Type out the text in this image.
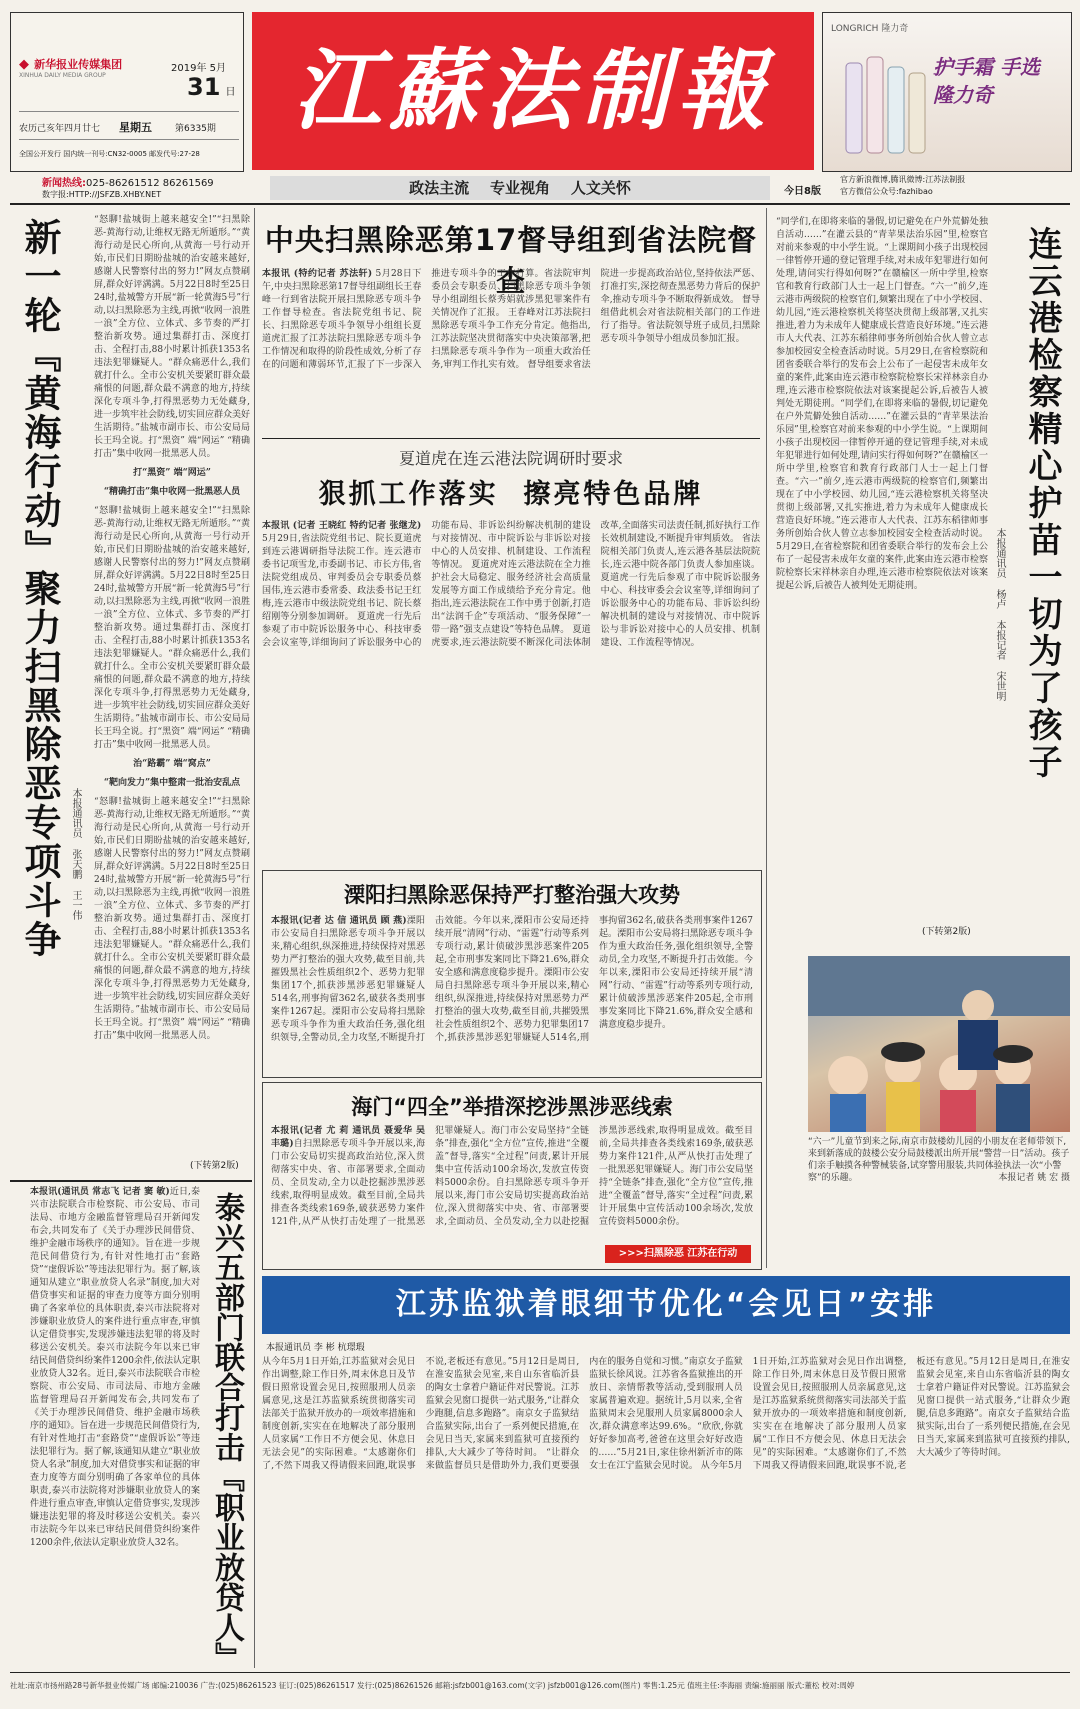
◆ 新华报业传媒集团
XINHUA DAILY MEDIA GROUP
2019年 5月
31 日
农历己亥年四月廿七 星期五	第6335期
全国公开发行 国内统一刊号:CN32-0005 邮发代号:27-28
江蘇法制報
LONGRICH 隆力奇
护手霜 手选 隆力奇
新闻热线:025-86261512 86261569
数字报:HTTP://JSFZB.XHBY.NET	政法主流    专业视角    人文关怀	今日8版
官方新浪微博,腾讯微博:江苏法制报
官方微信公众号:fazhibao
新一轮『黄海行动』聚力扫黑除恶专项斗争 本报通讯员 张天鹏 王一伟
“怒聊!盐城街上越来越安全!”“扫黑除恶-黄海行动,让维权无路无所遁形。”“黄海行动是民心所向,从黄海一号行动开始,市民们日期盼盐城的治安越来越好,感谢人民警察付出的努力!”网友点赞刷屏,群众好评满满。5月22日8时至25日24时,盐城警方开展“新一轮黄海5号”行动,以扫黑除恶为主线,再掀“收网一浪胜一浪”全方位、立体式、多节奏的严打整治新攻势。通过集群打击、深度打击、全程打击,88小时累计抓获1353名违法犯罪嫌疑人。“群众痛恶什么,我们就打什么。全市公安机关要紧盯群众最痛恨的问题,群众最不满意的地方,持续深化专项斗争,打得黑恶势力无处藏身,进一步筑牢社会防线,切实回应群众美好生活期待。”盐城市副市长、市公安局局长王玛全说。打“黑资” 端“网运” “精确打击”集中收网一批黑恶人员。
打“黑资” 端“网运”
“精确打击”集中收网一批黑恶人员
“怒聊!盐城街上越来越安全!”“扫黑除恶-黄海行动,让维权无路无所遁形。”“黄海行动是民心所向,从黄海一号行动开始,市民们日期盼盐城的治安越来越好,感谢人民警察付出的努力!”网友点赞刷屏,群众好评满满。5月22日8时至25日24时,盐城警方开展“新一轮黄海5号”行动,以扫黑除恶为主线,再掀“收网一浪胜一浪”全方位、立体式、多节奏的严打整治新攻势。通过集群打击、深度打击、全程打击,88小时累计抓获1353名违法犯罪嫌疑人。“群众痛恶什么,我们就打什么。全市公安机关要紧盯群众最痛恨的问题,群众最不满意的地方,持续深化专项斗争,打得黑恶势力无处藏身,进一步筑牢社会防线,切实回应群众美好生活期待。”盐城市副市长、市公安局局长王玛全说。打“黑资” 端“网运” “精确打击”集中收网一批黑恶人员。
治“路霸” 端“窝点”
“靶向发力”集中整肃一批治安乱点
“怒聊!盐城街上越来越安全!”“扫黑除恶-黄海行动,让维权无路无所遁形。”“黄海行动是民心所向,从黄海一号行动开始,市民们日期盼盐城的治安越来越好,感谢人民警察付出的努力!”网友点赞刷屏,群众好评满满。5月22日8时至25日24时,盐城警方开展“新一轮黄海5号”行动,以扫黑除恶为主线,再掀“收网一浪胜一浪”全方位、立体式、多节奏的严打整治新攻势。通过集群打击、深度打击、全程打击,88小时累计抓获1353名违法犯罪嫌疑人。“群众痛恶什么,我们就打什么。全市公安机关要紧盯群众最痛恨的问题,群众最不满意的地方,持续深化专项斗争,打得黑恶势力无处藏身,进一步筑牢社会防线,切实回应群众美好生活期待。”盐城市副市长、市公安局局长王玛全说。打“黑资” 端“网运” “精确打击”集中收网一批黑恶人员。
(下转第2版)
本报讯(通讯员 常志飞 记者 窦 敏)近日,泰兴市法院联合市检察院、市公安局、市司法局、市地方金融监督管理局召开新闻发布会,共同发布了《关于办理涉民间借贷、维护金融市场秩序的通知》。旨在进一步规范民间借贷行为,有针对性地打击“套路贷”“虚假诉讼”等违法犯罪行为。据了解,该通知从建立“职业放贷人名录”制度,加大对借贷事实和证据的审查力度等方面分别明确了各家单位的具体职责,泰兴市法院将对涉嫌职业放贷人的案件进行重点审查,审慎认定借贷事实,发现涉嫌违法犯罪的将及时移送公安机关。泰兴市法院今年以来已审结民间借贷纠纷案件1200余件,依法认定职业放贷人32名。近日,泰兴市法院联合市检察院、市公安局、市司法局、市地方金融监督管理局召开新闻发布会,共同发布了《关于办理涉民间借贷、维护金融市场秩序的通知》。旨在进一步规范民间借贷行为,有针对性地打击“套路贷”“虚假诉讼”等违法犯罪行为。据了解,该通知从建立“职业放贷人名录”制度,加大对借贷事实和证据的审查力度等方面分别明确了各家单位的具体职责,泰兴市法院将对涉嫌职业放贷人的案件进行重点审查,审慎认定借贷事实,发现涉嫌违法犯罪的将及时移送公安机关。泰兴市法院今年以来已审结民间借贷纠纷案件1200余件,依法认定职业放贷人32名。 泰兴五部门联合打击『职业放贷人』
中央扫黑除恶第17督导组到省法院督查
本报讯 (特约记者 苏法轩) 5月28日下午,中央扫黑除恶第17督导组副组长王春峰一行到省法院开展扫黑除恶专项斗争工作督导检查。省法院党组书记、院长、扫黑除恶专项斗争领导小组组长夏道虎汇报了江苏法院扫黑除恶专项斗争工作情况和取得的阶段性成效,分析了存在的问题和薄弱环节,汇报了下一步深入推进专项斗争的工作打算。省法院审判委员会专职委员、扫黑除恶专项斗争领导小组副组长蔡秀娟就涉黑犯罪案件有关情况作了汇报。 王春峰对江苏法院扫黑除恶专项斗争工作充分肯定。他指出,江苏法院坚决贯彻落实中央决策部署,把扫黑除恶专项斗争作为一项重大政治任务,审判工作扎实有效。 督导组要求省法院进一步提高政治站位,坚持依法严惩、打准打实,深挖彻查黑恶势力背后的保护伞,推动专项斗争不断取得新成效。 督导组借此机会对省法院相关部门的工作进行了指导。省法院领导班子成员,扫黑除恶专项斗争领导小组成员参加汇报。
夏道虎在连云港法院调研时要求
狠抓工作落实  擦亮特色品牌
本报讯 (记者 王晓红 特约记者 张继龙) 5月29日,省法院党组书记、院长夏道虎到连云港调研指导法院工作。连云港市委书记项雪龙,市委副书记、市长方伟,省法院党组成员、审判委员会专职委员蔡国伟,连云港市委常委、政法委书记王红梅,连云港市中级法院党组书记、院长蔡绍刚等分别参加调研。 夏道虎一行先后参观了市中院诉讼服务中心、科技审委会会议室等,详细询问了诉讼服务中心的功能布局、非诉讼纠纷解决机制的建设与对接情况、市中院诉讼与非诉讼对接中心的人员安排、机制建设、工作流程等情况。 夏道虎对连云港法院在全力推护社会大局稳定、服务经济社会高质量发展等方面工作成绩给予充分肯定。他指出,连云港法院在工作中勇于创新,打造出“法润千企”专项活动、“服务保障”一带一路”强支点建设”等特色品牌。 夏道虎要求,连云港法院要不断深化司法体制改革,全面落实司法责任制,抓好执行工作长效机制建设,不断提升审判质效。 省法院相关部门负责人,连云港各基层法院院长,连云港中院各部门负责人参加座谈。 夏道虎一行先后参观了市中院诉讼服务中心、科技审委会会议室等,详细询问了诉讼服务中心的功能布局、非诉讼纠纷解决机制的建设与对接情况、市中院诉讼与非诉讼对接中心的人员安排、机制建设、工作流程等情况。
溧阳扫黑除恶保持严打整治强大攻势
本报讯(记者 达 信 通讯员 顾 燕)溧阳市公安局自扫黑除恶专项斗争开展以来,精心组织,纵深推进,持续保持对黑恶势力严打整治的强大攻势,截至目前,共摧毁黑社会性质组织2个、恶势力犯罪集团17个,抓获涉黑涉恶犯罪嫌疑人514名,刑事拘留362名,破获各类刑事案件1267起。溧阳市公安局将扫黑除恶专项斗争作为重大政治任务,强化组织领导,全警动员,全力攻坚,不断提升打击效能。今年以来,溧阳市公安局还持续开展“清网”行动、“雷霆”行动等系列专项行动,累计侦破涉黑涉恶案件205起,全市刑事发案同比下降21.6%,群众安全感和满意度稳步提升。溧阳市公安局自扫黑除恶专项斗争开展以来,精心组织,纵深推进,持续保持对黑恶势力严打整治的强大攻势,截至目前,共摧毁黑社会性质组织2个、恶势力犯罪集团17个,抓获涉黑涉恶犯罪嫌疑人514名,刑事拘留362名,破获各类刑事案件1267起。溧阳市公安局将扫黑除恶专项斗争作为重大政治任务,强化组织领导,全警动员,全力攻坚,不断提升打击效能。今年以来,溧阳市公安局还持续开展“清网”行动、“雷霆”行动等系列专项行动,累计侦破涉黑涉恶案件205起,全市刑事发案同比下降21.6%,群众安全感和满意度稳步提升。
海门“四全”举措深挖涉黑涉恶线索
本报讯(记者 尤 莉 通讯员 聂爱华 吴丰璐)自扫黑除恶专项斗争开展以来,海门市公安局切实提高政治站位,深入贯彻落实中央、省、市部署要求,全面动员、全员发动,全力以赴挖掘涉黑涉恶线索,取得明显成效。截至目前,全局共排查各类线索169条,破获恶势力案件121件,从严从快打击处理了一批黑恶犯罪嫌疑人。海门市公安局坚持“全链条”排查,强化“全方位”宣传,推进“全覆盖”督导,落实“全过程”问责,累计开展集中宣传活动100余场次,发放宣传资料5000余份。自扫黑除恶专项斗争开展以来,海门市公安局切实提高政治站位,深入贯彻落实中央、省、市部署要求,全面动员、全员发动,全力以赴挖掘涉黑涉恶线索,取得明显成效。截至目前,全局共排查各类线索169条,破获恶势力案件121件,从严从快打击处理了一批黑恶犯罪嫌疑人。海门市公安局坚持“全链条”排查,强化“全方位”宣传,推进“全覆盖”督导,落实“全过程”问责,累计开展集中宣传活动100余场次,发放宣传资料5000余份。
>>>扫黑除恶 江苏在行动
“同学们,在即将来临的暑假,切记避免在户外荒僻处独自活动……”在灌云县的“青苹果法治乐园”里,检察官对前来参观的中小学生说。“上课期间小孩子出现校园一律暂停开通的登记管理手续,对未成年犯罪进行如何处理,请问实行得如何呀?”在赣榆区一所中学里,检察官和教育行政部门人士一起上门督查。“六一”前夕,连云港市两级院的检察官们,频繁出现在了中小学校园、幼儿园,“连云港检察机关将坚决贯彻上级部署,又扎实推进,着力为未成年人健康成长营造良好环境。”连云港市人大代表、江苏东稻律师事务所创始合伙人曾立志参加校园安全检查活动时说。5月29日,在省检察院和团省委联合举行的发布会上公布了一起侵害未成年女童的案件,此案由连云港市检察院检察长宋祥林亲自办理,连云港市检察院依法对该案提起公诉,后被告人被判处无期徒刑。“同学们,在即将来临的暑假,切记避免在户外荒僻处独自活动……”在灌云县的“青苹果法治乐园”里,检察官对前来参观的中小学生说。“上课期间小孩子出现校园一律暂停开通的登记管理手续,对未成年犯罪进行如何处理,请问实行得如何呀?”在赣榆区一所中学里,检察官和教育行政部门人士一起上门督查。“六一”前夕,连云港市两级院的检察官们,频繁出现在了中小学校园、幼儿园,“连云港检察机关将坚决贯彻上级部署,又扎实推进,着力为未成年人健康成长营造良好环境。”连云港市人大代表、江苏东稻律师事务所创始合伙人曾立志参加校园安全检查活动时说。5月29日,在省检察院和团省委联合举行的发布会上公布了一起侵害未成年女童的案件,此案由连云港市检察院检察长宋祥林亲自办理,连云港市检察院依法对该案提起公诉,后被告人被判处无期徒刑。	本报通讯员 杨卢 本报记者 宋世明 连云港检察精心护苗一切为了孩子
(下转第2版)
“六一”儿童节到来之际,南京市鼓楼幼儿园的小朋友在老师带领下,来到新落成的鼓楼公安分局鼓楼派出所开展“警营一日”活动。孩子们亲手触摸各种警械装备,试穿警用服装,共同体验执法一次“小警察”的乐趣。	本报记者 姚 宏 摄
江苏监狱着眼细节优化“会见日”安排
本报通讯员 李 彬 杭璟瑕
从今年5月1日开始,江苏监狱对会见日作出调整,除工作日外,周末休息日及节假日照常设置会见日,按照服刑人员亲属意见,这是江苏监狱系统贯彻落实司法部关于监狱开放办的一项效率措施和制度创新,实实在在地解决了部分服刑人员家属“工作日不方便会见、休息日无法会见”的实际困难。“太感谢你们了,不然下周我又得请假来回跑,耽误事不说,老板还有意见。”5月12日是周日,在淮安监狱会见室,来自山东省临沂县的陶女士拿着户籍证件对民警说。江苏监狱会见窗口提供一站式服务,“让群众少跑腿,信息多跑路”。南京女子监狱结合监狱实际,出台了一系列便民措施,在会见日当天,家属来到监狱可直接预约排队,大大减少了等待时间。 “让群众来做监督员只是借助外力,我们更要强内在的服务自觉和习惯。”南京女子监狱监狱长徐风说。江苏省各监狱推出的开放日、亲情帮教等活动,受到服刑人员家属普遍欢迎。据统计,5月以来,全省监狱周末会见服刑人员家属8000余人次,群众满意率达99.6%。“欣欣,你就好好参加高考,爸爸在这里会好好改造的……”5月21日,家住徐州新沂市的陈女士在江宁监狱会见时说。 从今年5月1日开始,江苏监狱对会见日作出调整,除工作日外,周末休息日及节假日照常设置会见日,按照服刑人员亲属意见,这是江苏监狱系统贯彻落实司法部关于监狱开放办的一项效率措施和制度创新,实实在在地解决了部分服刑人员家属“工作日不方便会见、休息日无法会见”的实际困难。“太感谢你们了,不然下周我又得请假来回跑,耽误事不说,老板还有意见。”5月12日是周日,在淮安监狱会见室,来自山东省临沂县的陶女士拿着户籍证件对民警说。江苏监狱会见窗口提供一站式服务,“让群众少跑腿,信息多跑路”。南京女子监狱结合监狱实际,出台了一系列便民措施,在会见日当天,家属来到监狱可直接预约排队,大大减少了等待时间。
社址:南京市扬州路28号新华报业传媒广场 邮编:210036 广告:(025)86261523 征订:(025)86261517 发行:(025)86261526 邮箱:jsfzb001@163.com(文字) jsfzb001@126.com(图片) 零售:1.25元 值班主任:李海丽 责编:施丽丽 版式:董松 校对:周婷
